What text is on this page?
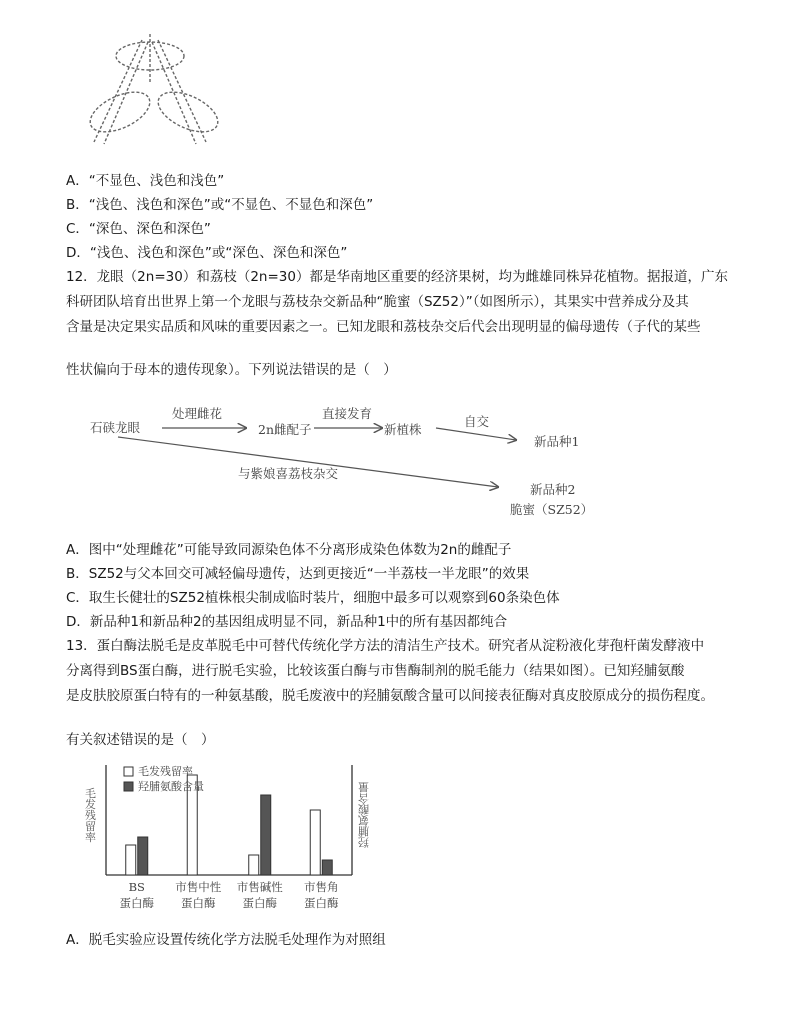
A．“不显色、浅色和浅色”
B．“浅色、浅色和深色”或“不显色、不显色和深色”
C．“深色、深色和深色”
D．“浅色、浅色和深色”或“深色、深色和深色”
12．龙眼（2n=30）和荔枝（2n=30）都是华南地区重要的经济果树，均为雌雄同株异花植物。据报道，广东
科研团队培育出世界上第一个龙眼与荔枝杂交新品种“脆蜜（SZ52）”（如图所示），其果实中营养成分及其
含量是决定果实品质和风味的重要因素之一。已知龙眼和荔枝杂交后代会出现明显的偏母遗传（子代的某些
性状偏向于母本的遗传现象）。下列说法错误的是（　）
石硖龙眼
处理雌花
2n雌配子
直接发育
新植株
自交
新品种1
与紫娘喜荔枝杂交
新品种2
脆蜜（SZ52）
A．图中“处理雌花”可能导致同源染色体不分离形成染色体数为2n的雌配子
B．SZ52与父本回交可减轻偏母遗传，达到更接近“一半荔枝一半龙眼”的效果
C．取生长健壮的SZ52植株根尖制成临时装片，细胞中最多可以观察到60条染色体
D．新品种1和新品种2的基因组成明显不同，新品种1中的所有基因都纯合
13．蛋白酶法脱毛是皮革脱毛中可替代传统化学方法的清洁生产技术。研究者从淀粉液化芽孢杆菌发酵液中
分离得到BS蛋白酶，进行脱毛实验，比较该蛋白酶与市售酶制剂的脱毛能力（结果如图）。已知羟脯氨酸
是皮肤胶原蛋白特有的一种氨基酸，脱毛废液中的羟脯氨酸含量可以间接表征酶对真皮胶原成分的损伤程度。
有关叙述错误的是（　）
BS
蛋白酶
市售中性
蛋白酶
市售碱性
蛋白酶
市售角
蛋白酶
毛发残留率
羟脯氨酸含量
毛发残留率	羟脯氨酸含量
A．脱毛实验应设置传统化学方法脱毛处理作为对照组
